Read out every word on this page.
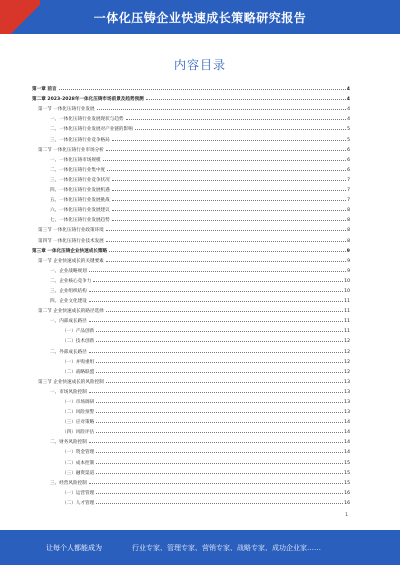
一体化压铸企业快速成长策略研究报告
内容目录
第一章 前言	4
第二章 2023-2028年一体化压铸市场前景及趋势预测	4
第一节 一体化压铸行业发展	4
一、一体化压铸行业发展现状与趋势	4
二、一体化压铸行业发展对产业链的影响	5
三、一体化压铸行业竞争格局	5
第二节 一体化压铸行业市场分析	6
一、一体化压铸市场规模	6
二、一体化压铸行业集中度	6
三、一体化压铸行业竞争状况	7
四、一体化压铸行业发展机遇	7
五、一体化压铸行业发展挑战	7
六、一体化压铸行业发展建议	8
七、一体化压铸行业发展趋势	8
第三节 一体化压铸行业政策环境	8
第四节 一体化压铸行业技术发展	8
第三章 一体化压铸企业快速成长策略	9
第一节 企业快速成长的关键要素	9
一、企业战略规划	9
二、企业核心竞争力	10
三、企业组织结构	10
四、企业文化建设	11
第二节 企业快速成长的路径选择	11
一、内部成长路径	11
（一）产品创新	11
（二）技术创新	12
二、外部成长路径	12
（一）并购重组	12
（二）战略联盟	12
第三节 企业快速成长的风险控制	13
一、市场风险控制	13
（一）市场调研	13
（二）风险预警	13
（三）应对策略	14
（四）风险评估	14
二、财务风险控制	14
（一）资金管理	14
（二）成本控制	15
（三）融资渠道	15
三、经营风险控制	15
（一）运营管理	16
（二）人才管理	16
1
让每个人都能成为	行业专家、管理专家、营销专家、战略专家、成功企业家……
